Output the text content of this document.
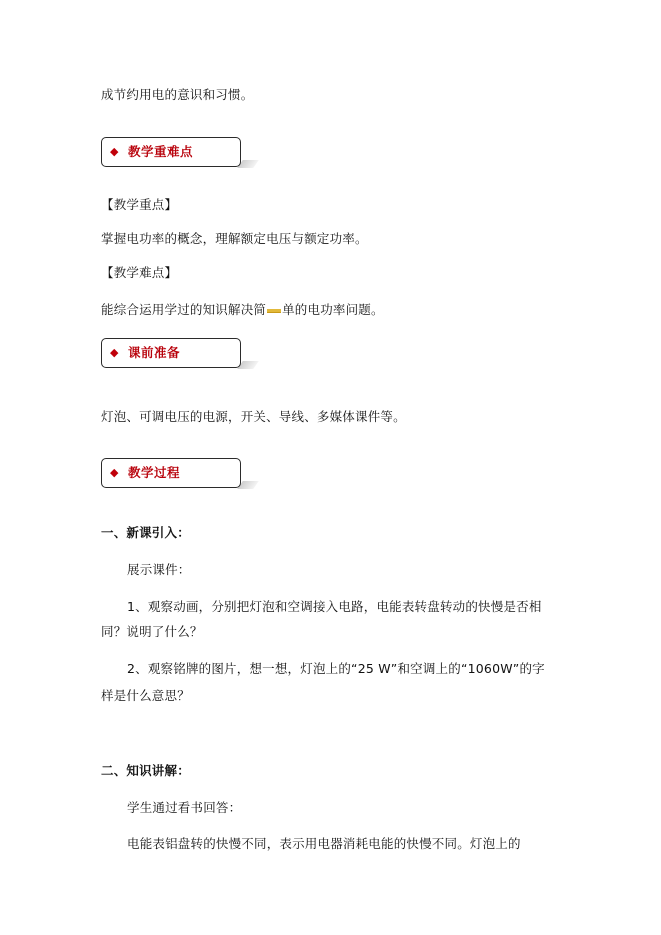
成节约用电的意识和习惯。
◆ 教学重难点
【教学重点】
掌握电功率的概念，理解额定电压与额定功率。
【教学难点】
能综合运用学过的知识解决简 单的电功率问题。
◆ 课前准备
灯泡、可调电压的电源，开关、导线、多媒体课件等。
◆ 教学过程
一、新课引入：
展示课件：
1、观察动画，分别把灯泡和空调接入电路，电能表转盘转动的快慢是否相
同？说明了什么？
2、观察铭牌的图片，想一想，灯泡上的“25 W”和空调上的“1060W”的字
样是什么意思？
二、知识讲解：
学生通过看书回答：
电能表铝盘转的快慢不同，表示用电器消耗电能的快慢不同。灯泡上的
